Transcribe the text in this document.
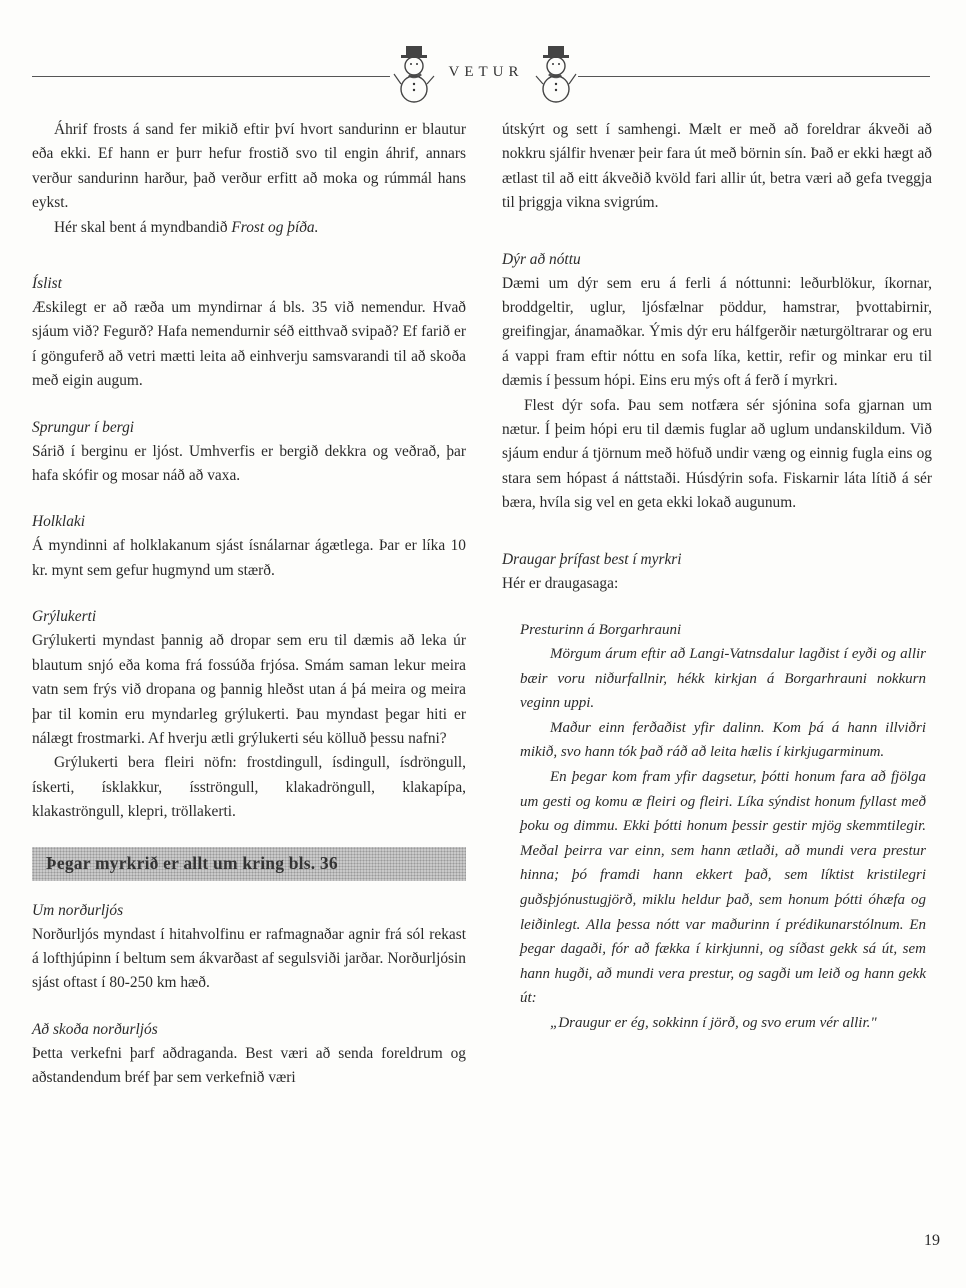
VETUR

Áhrif frosts á sand fer mikið eftir því hvort sandurinn er blautur eða ekki. Ef hann er þurr hefur frostið svo til engin áhrif, annars verður sandurinn harður, það verður erfitt að moka og rúmmál hans eykst.

Hér skal bent á myndbandið Frost og þíða.

Íslist

Æskilegt er að ræða um myndirnar á bls. 35 við nemendur. Hvað sjáum við? Fegurð? Hafa nemendurnir séð eitthvað svipað? Ef farið er í gönguferð að vetri mætti leita að einhverju samsvarandi til að skoða með eigin augum.

Sprungur í bergi

Sárið í berginu er ljóst. Umhverfis er bergið dekkra og veðrað, þar hafa skófir og mosar náð að vaxa.

Holklaki

Á myndinni af holklakanum sjást ísnálarnar ágætlega. Þar er líka 10 kr. mynt sem gefur hugmynd um stærð.

Grýlukerti

Grýlukerti myndast þannig að dropar sem eru til dæmis að leka úr blautum snjó eða koma frá fossúða frjósa. Smám saman lekur meira vatn sem frýs við dropana og þannig hleðst utan á þá meira og meira þar til komin eru myndarleg grýlukerti. Þau myndast þegar hiti er nálægt frostmarki. Af hverju ætli grýlukerti séu kölluð þessu nafni?

Grýlukerti bera fleiri nöfn: frostdingull, ísdingull, ísdröngull, ískerti, ísklakkur, ísströngull, klakadröngull, klakapípa, klakaströngull, klepri, tröllakerti.

Þegar myrkrið er allt um kring bls. 36
Um norðurljós

Norðurljós myndast í hitahvolfinu er rafmagnaðar agnir frá sól rekast á lofthjúpinn í beltum sem ákvarðast af segulsviði jarðar. Norðurljósin sjást oftast í 80-250 km hæð.

Að skoða norðurljós

Þetta verkefni þarf aðdraganda. Best væri að senda foreldrum og aðstandendum bréf þar sem verkefnið væri

útskýrt og sett í samhengi. Mælt er með að foreldrar ákveði að nokkru sjálfir hvenær þeir fara út með börnin sín. Það er ekki hægt að ætlast til að eitt ákveðið kvöld fari allir út, betra væri að gefa tveggja til þriggja vikna svigrúm.

Dýr að nóttu

Dæmi um dýr sem eru á ferli á nóttunni: leðurblökur, íkornar, broddgeltir, uglur, ljósfælnar pöddur, hamstrar, þvottabirnir, greifingjar, ánamaðkar. Ýmis dýr eru hálfgerðir næturgöltrarar og eru á vappi fram eftir nóttu en sofa líka, kettir, refir og minkar eru til dæmis í þessum hópi. Eins eru mýs oft á ferð í myrkri.

Flest dýr sofa. Þau sem notfæra sér sjónina sofa gjarnan um nætur. Í þeim hópi eru til dæmis fuglar að uglum undanskildum. Við sjáum endur á tjörnum með höfuð undir væng og einnig fugla eins og stara sem hópast á náttstaði. Húsdýrin sofa. Fiskarnir láta lítið á sér bæra, hvíla sig vel en geta ekki lokað augunum.

Draugar þrífast best í myrkri

Hér er draugasaga:

Presturinn á Borgarhrauni

Mörgum árum eftir að Langi-Vatnsdalur lagðist í eyði og allir bæir voru niðurfallnir, hékk kirkjan á Borgarhrauni nokkurn veginn uppi.

Maður einn ferðaðist yfir dalinn. Kom þá á hann illviðri mikið, svo hann tók það ráð að leita hælis í kirkjugarminum.

En þegar kom fram yfir dagsetur, þótti honum fara að fjölga um gesti og komu æ fleiri og fleiri. Líka sýndist honum fyllast með þoku og dimmu. Ekki þótti honum þessir gestir mjög skemmtilegir. Meðal þeirra var einn, sem hann ætlaði, að mundi vera prestur hinna; þó framdi hann ekkert það, sem líktist kristilegri guðsþjónustugjörð, miklu heldur það, sem honum þótti óhæfa og leiðinlegt. Alla þessa nótt var maðurinn í prédikunarstólnum. En þegar dagaði, fór að fækka í kirkjunni, og síðast gekk sá út, sem hann hugði, að mundi vera prestur, og sagði um leið og hann gekk út:

„Draugur er ég, sokkinn í jörð, og svo erum vér allir."

19
